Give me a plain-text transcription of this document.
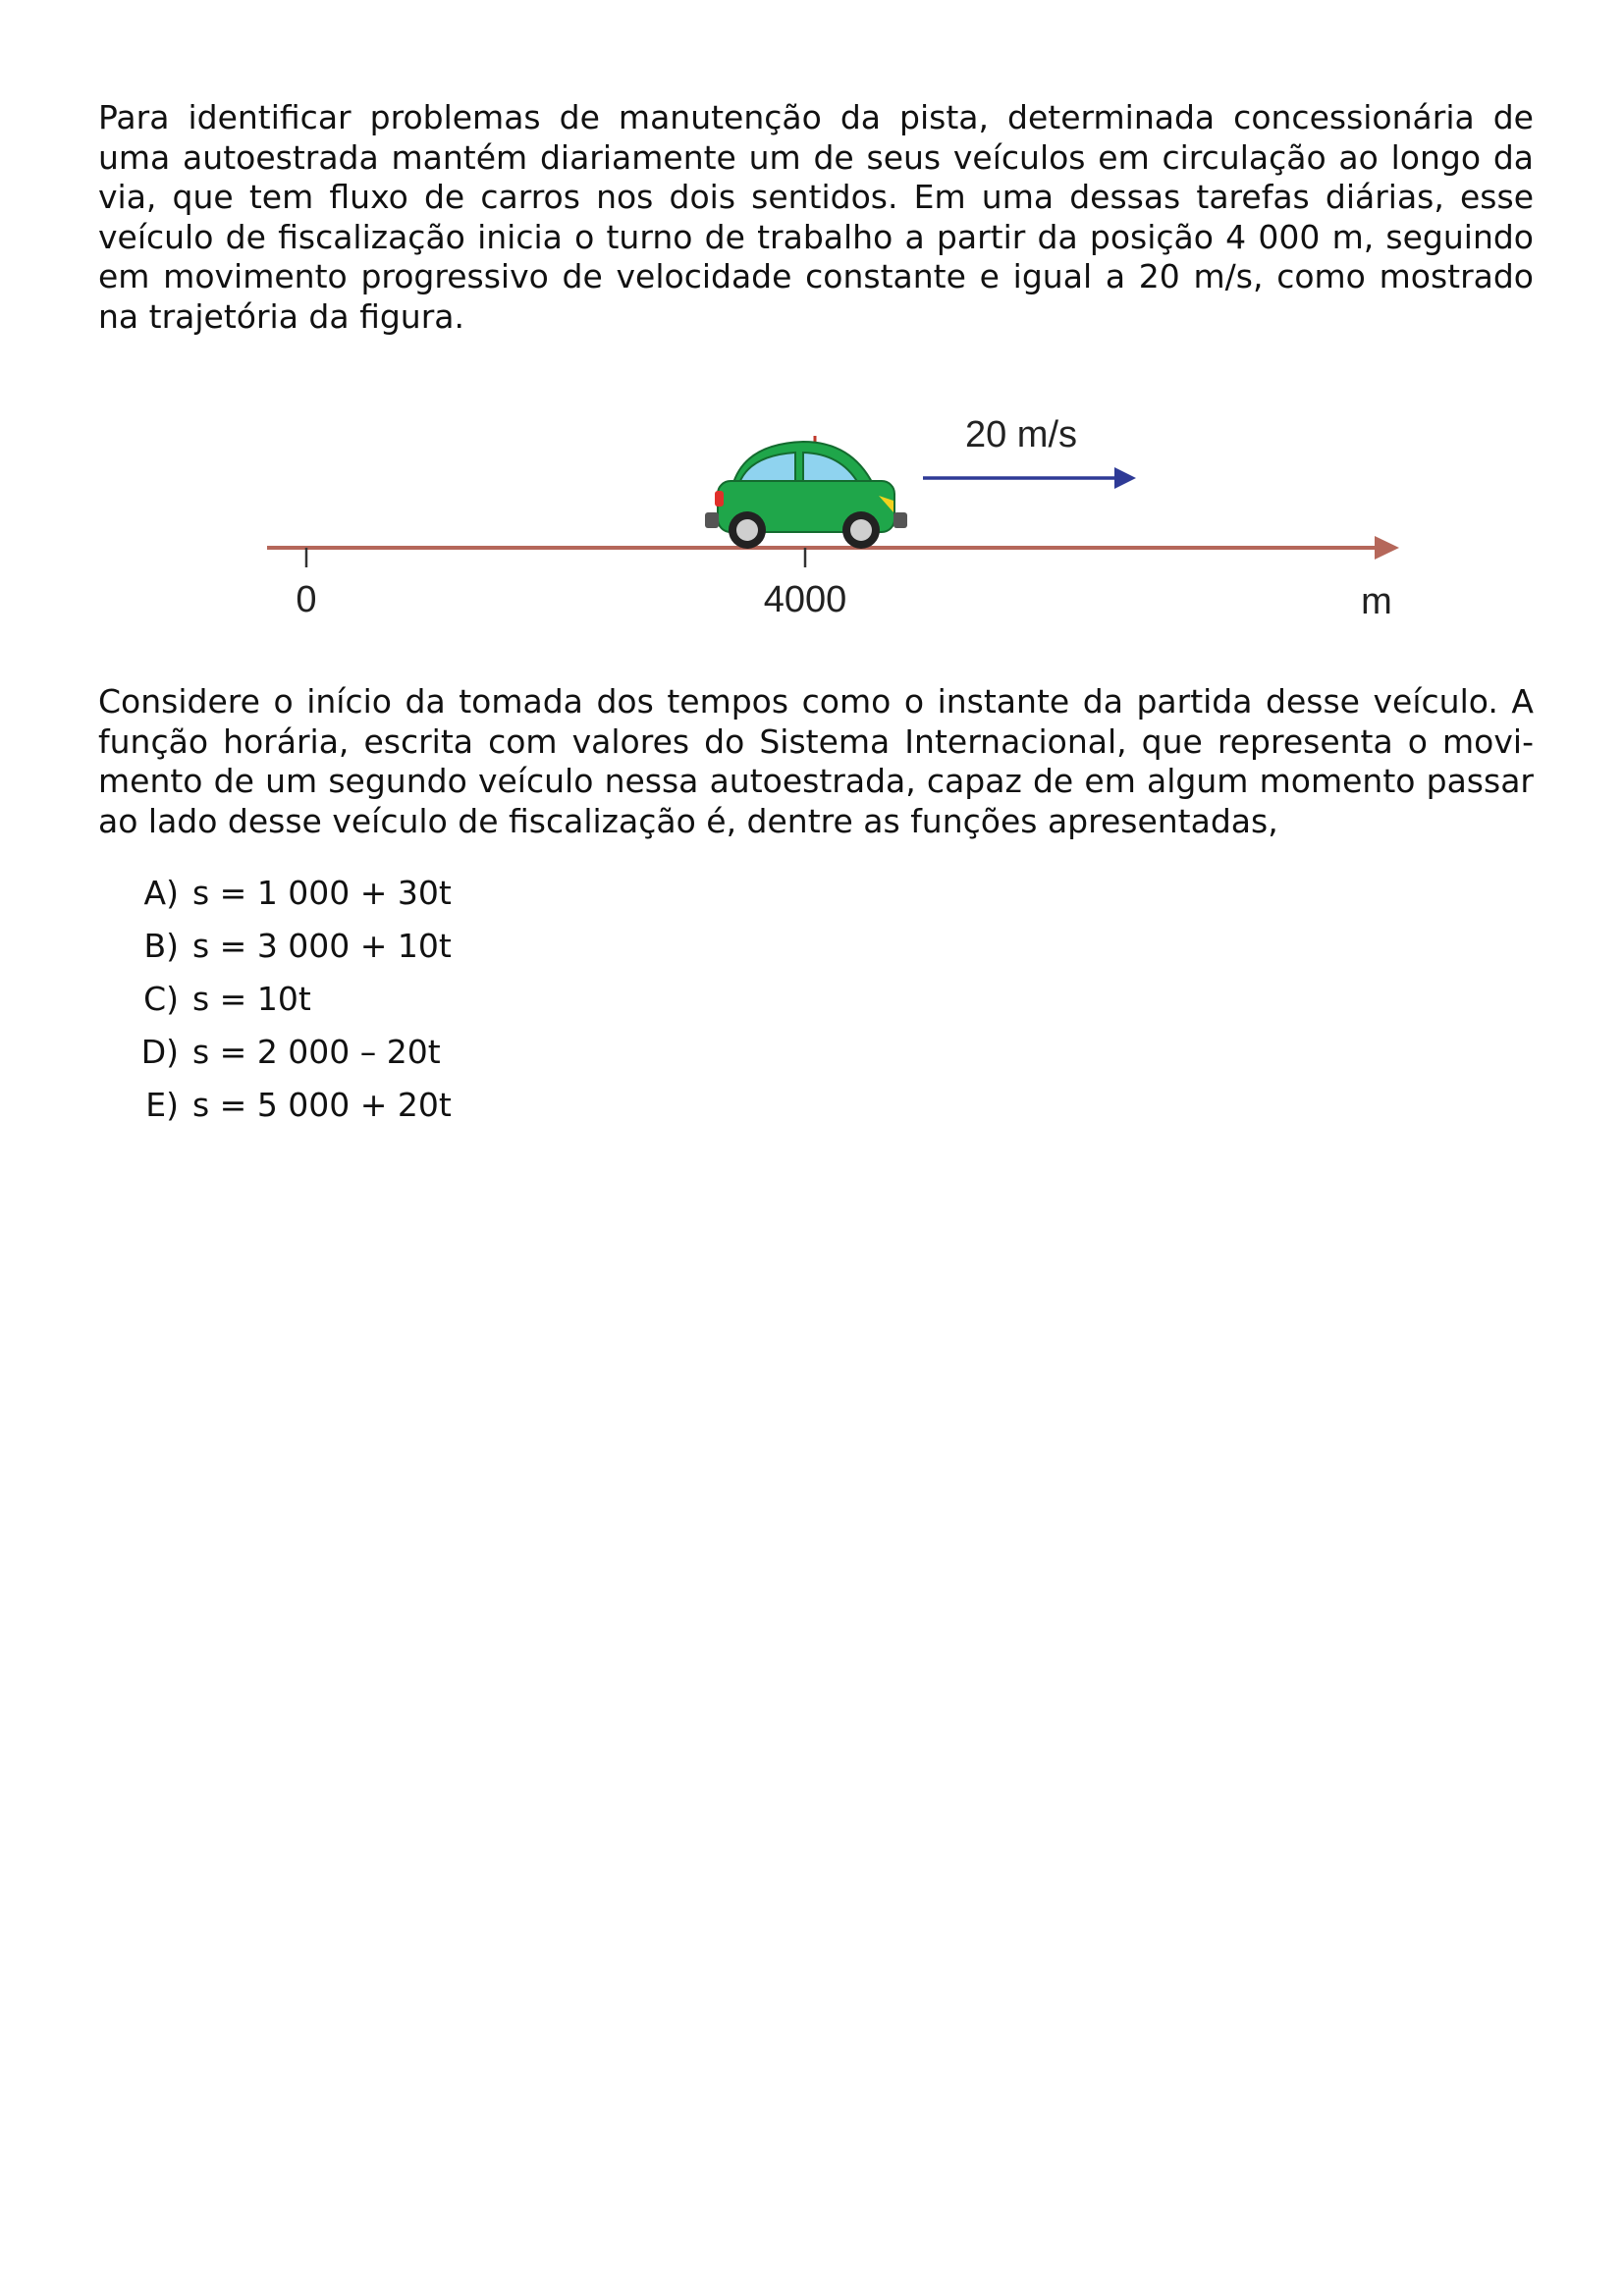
Para identificar problemas de manutenção da pista, determinada concessionária de uma autoestrada mantém diariamente um de seus veículos em circulação ao longo da via, que tem fluxo de carros nos dois sentidos. Em uma dessas tarefas diárias, esse veículo de fiscalização inicia o turno de trabalho a partir da posição 4 000 m, seguindo em movimento progressivo de velocidade constante e igual a 20 m/s, como mostrado na trajetória da figura.

0	4000	m
20 m/s

Considere o início da tomada dos tempos como o instante da partida desse veículo. A função horária, escrita com valores do Sistema Internacional, que representa o movimento de um segundo veículo nessa autoestrada, capaz de em algum momento passar ao lado desse veículo de fiscalização é, dentre as funções apresentadas,

A) s = 1 000 + 30t
B) s = 3 000 + 10t
C) s = 10t
D) s = 2 000 – 20t
E) s = 5 000 + 20t
